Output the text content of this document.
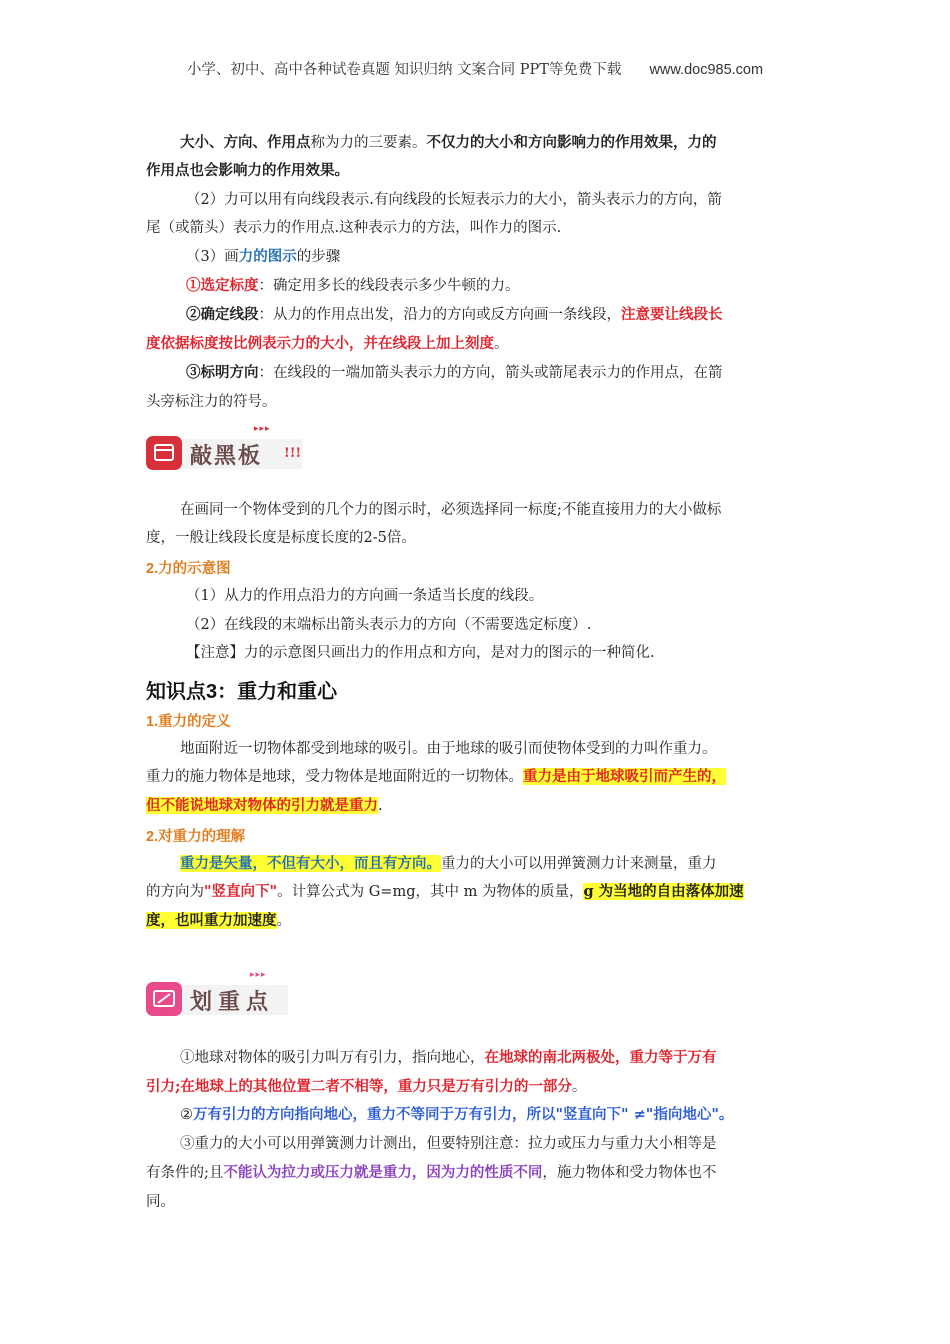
小学、初中、高中各种试卷真题 知识归纳 文案合同 PPT等免费下载 www.doc985.com
大小、方向、作用点称为力的三要素。不仅力的大小和方向影响力的作用效果，力的
作用点也会影响力的作用效果。
（2）力可以用有向线段表示.有向线段的长短表示力的大小，箭头表示力的方向，箭
尾（或箭头）表示力的作用点.这种表示力的方法，叫作力的图示.
（3）画力的图示的步骤
①选定标度：确定用多长的线段表示多少牛顿的力。
②确定线段：从力的作用点出发，沿力的方向或反方向画一条线段，注意要让线段长
度依据标度按比例表示力的大小，并在线段上加上刻度。
③标明方向：在线段的一端加箭头表示力的方向，箭头或箭尾表示力的作用点，在箭
头旁标注力的符号。
▸▸▸
敲黑板 !!!
在画同一个物体受到的几个力的图示时，必须选择同一标度;不能直接用力的大小做标
度，一般让线段长度是标度长度的2-5倍。
2.力的示意图
（1）从力的作用点沿力的方向画一条适当长度的线段。
（2）在线段的末端标出箭头表示力的方向（不需要选定标度）.
【注意】力的示意图只画出力的作用点和方向，是对力的图示的一种简化.
知识点3：重力和重心
1.重力的定义
地面附近一切物体都受到地球的吸引。由于地球的吸引而使物体受到的力叫作重力。
重力的施力物体是地球，受力物体是地面附近的一切物体。重力是由于地球吸引而产生的，
但不能说地球对物体的引力就是重力.
2.对重力的理解
重力是矢量，不但有大小，而且有方向。重力的大小可以用弹簧测力计来测量，重力
的方向为"竖直向下"。计算公式为 G=mg，其中 m 为物体的质量，g 为当地的自由落体加速
度，也叫重力加速度。
▸▸▸
划重点
①地球对物体的吸引力叫万有引力，指向地心，在地球的南北两极处，重力等于万有
引力;在地球上的其他位置二者不相等，重力只是万有引力的一部分。
②万有引力的方向指向地心，重力不等同于万有引力，所以"竖直向下" ≠"指向地心"。
③重力的大小可以用弹簧测力计测出，但要特别注意：拉力或压力与重力大小相等是
有条件的;且不能认为拉力或压力就是重力，因为力的性质不同，施力物体和受力物体也不
同。
